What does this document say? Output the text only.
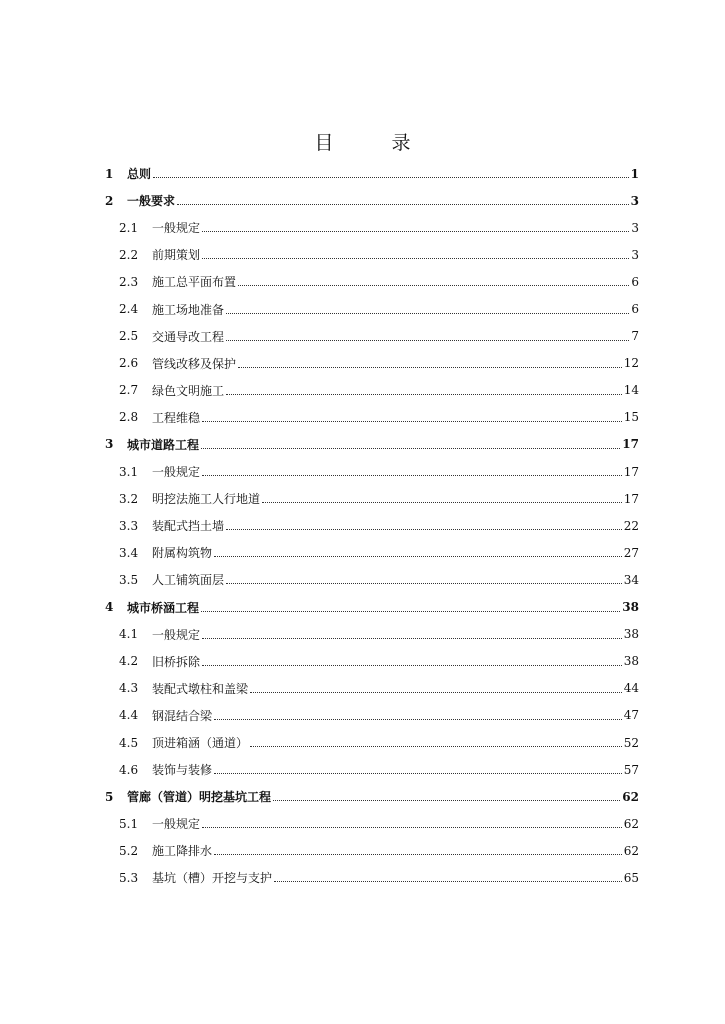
目	录
1	总则	1
2	一般要求	3
2.1	一般规定	3
2.2	前期策划	3
2.3	施工总平面布置	6
2.4	施工场地准备	6
2.5	交通导改工程	7
2.6	管线改移及保护	12
2.7	绿色文明施工	14
2.8	工程维稳	15
3	城市道路工程	17
3.1	一般规定	17
3.2	明挖法施工人行地道	17
3.3	装配式挡土墙	22
3.4	附属构筑物	27
3.5	人工铺筑面层	34
4	城市桥涵工程	38
4.1	一般规定	38
4.2	旧桥拆除	38
4.3	装配式墩柱和盖梁	44
4.4	钢混结合梁	47
4.5	顶进箱涵（通道）	52
4.6	装饰与装修	57
5	管廊（管道）明挖基坑工程	62
5.1	一般规定	62
5.2	施工降排水	62
5.3	基坑（槽）开挖与支护	65
